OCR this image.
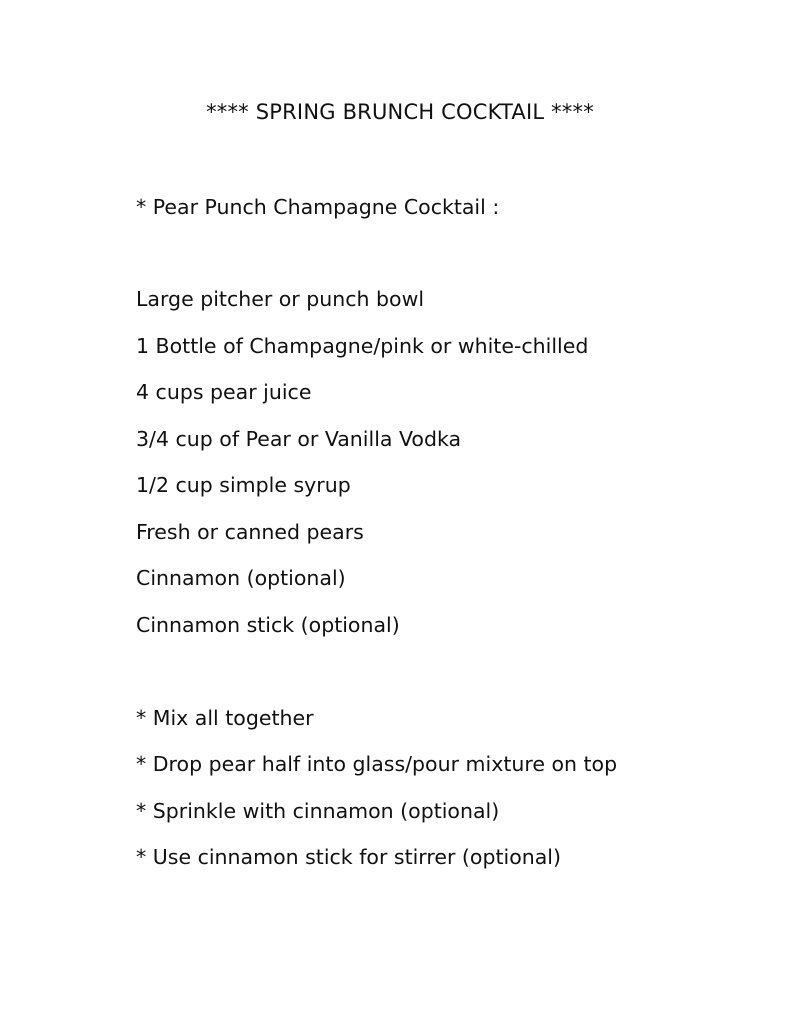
**** SPRING BRUNCH COCKTAIL ****
* Pear Punch Champagne Cocktail :
Large pitcher or punch bowl
1 Bottle of Champagne/pink or white-chilled
4 cups pear juice
3/4 cup of Pear or Vanilla Vodka
1/2 cup simple syrup
Fresh or canned pears
Cinnamon (optional)
Cinnamon stick (optional)
* Mix all together
* Drop pear half into glass/pour mixture on top
* Sprinkle with cinnamon (optional)
* Use cinnamon stick for stirrer (optional)
